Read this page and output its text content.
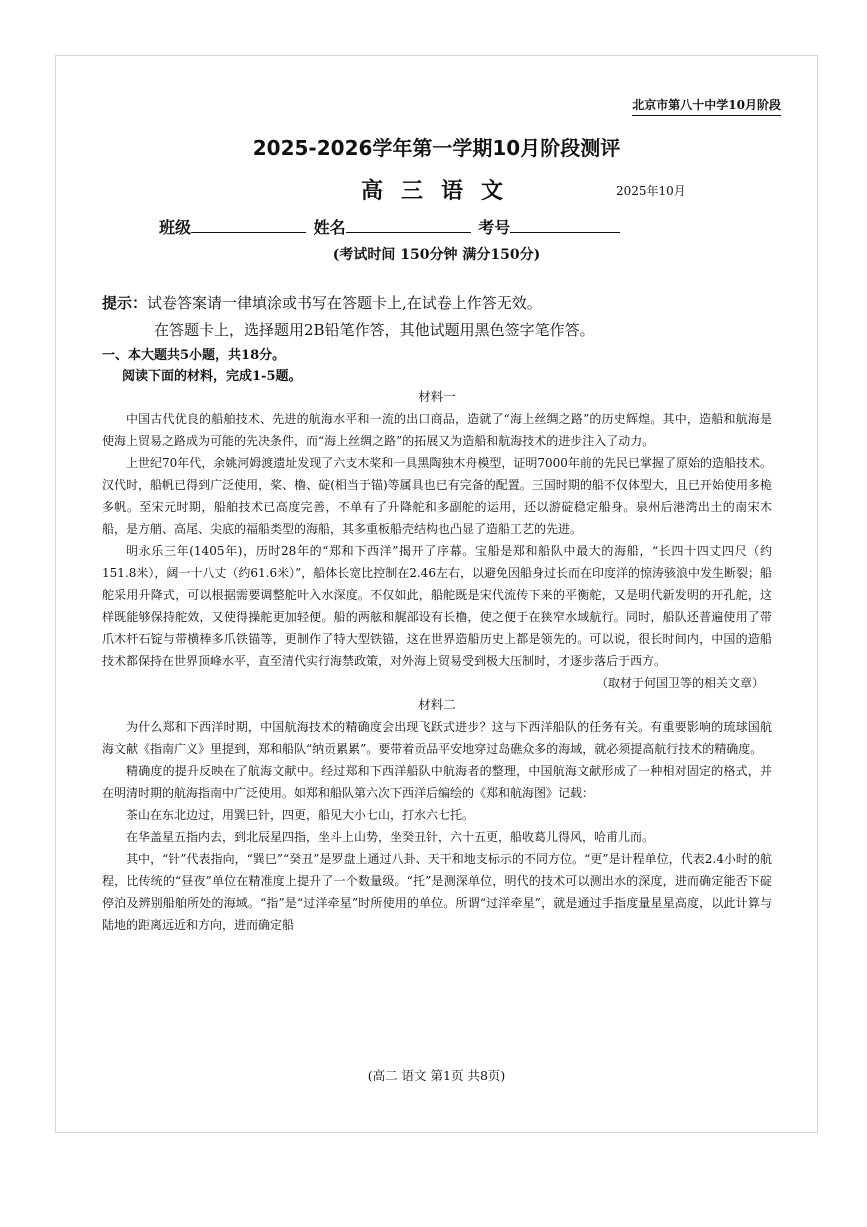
北京市第八十中学10月阶段
2025-2026学年第一学期10月阶段测评
高三语文	2025年10月
班级	姓名	考号
(考试时间 150分钟 满分150分)
提示：试卷答案请一律填涂或书写在答题卡上,在试卷上作答无效。
在答题卡上，选择题用2B铅笔作答，其他试题用黑色签字笔作答。
一、本大题共5小题，共18分。
阅读下面的材料，完成1-5题。

材料一

中国古代优良的船舶技术、先进的航海水平和一流的出口商品，造就了“海上丝绸之路”的历史辉煌。其中，造船和航海是使海上贸易之路成为可能的先决条件，而“海上丝绸之路”的拓展又为造船和航海技术的进步注入了动力。

上世纪70年代，余姚河姆渡遗址发现了六支木桨和一具黑陶独木舟模型，证明7000年前的先民已掌握了原始的造船技术。汉代时，船帆已得到广泛使用，桨、橹、碇(相当于锚)等属具也已有完备的配置。三国时期的船不仅体型大，且已开始使用多桅多帆。至宋元时期，船舶技术已高度完善，不单有了升降舵和多副舵的运用，还以游碇稳定船身。泉州后港湾出土的南宋木船，是方艄、高尾、尖底的福船类型的海船，其多重板船壳结构也凸显了造船工艺的先进。

明永乐三年(1405年)，历时28年的“郑和下西洋”揭开了序幕。宝船是郑和船队中最大的海船，“长四十四丈四尺（约151.8米），阔一十八丈（约61.6米）”，船体长宽比控制在2.46左右，以避免因船身过长而在印度洋的惊涛骇浪中发生断裂；船舵采用升降式，可以根据需要调整舵叶入水深度。不仅如此，船舵既是宋代流传下来的平衡舵，又是明代新发明的开孔舵，这样既能够保持舵效，又使得操舵更加轻便。船的两舷和艉部设有长橹，使之便于在狭窄水域航行。同时，船队还普遍使用了带爪木杆石锭与带横棒多爪铁锚等，更制作了特大型铁锚，这在世界造船历史上都是领先的。可以说，很长时间内，中国的造船技术都保持在世界顶峰水平，直至清代实行海禁政策，对外海上贸易受到极大压制时，才逐步落后于西方。

（取材于何国卫等的相关文章）

材料二

为什么郑和下西洋时期，中国航海技术的精确度会出现飞跃式进步？这与下西洋船队的任务有关。有重要影响的琉球国航海文献《指南广义》里提到，郑和船队“纳贡累累”。要带着贡品平安地穿过岛礁众多的海域，就必须提高航行技术的精确度。

精确度的提升反映在了航海文献中。经过郑和下西洋船队中航海者的整理，中国航海文献形成了一种相对固定的格式，并在明清时期的航海指南中广泛使用。如郑和船队第六次下西洋后编绘的《郑和航海图》记载：

茶山在东北边过，用巽巳针，四更，船见大小七山，打水六七托。

在华盖星五指内去，到北辰星四指，坐斗上山势，坐癸丑针，六十五更，船收葛儿得风，哈甫儿而。

其中，“针”代表指向，“巽巳”“癸丑”是罗盘上通过八卦、天干和地支标示的不同方位。“更”是计程单位，代表2.4小时的航程，比传统的“昼夜”单位在精准度上提升了一个数量级。“托”是测深单位，明代的技术可以测出水的深度，进而确定能否下碇停泊及辨别船舶所处的海域。“指”是“过洋牵星”时所使用的单位。所谓“过洋牵星”，就是通过手指度量星星高度，以此计算与陆地的距离远近和方向，进而确定船

(高二 语文 第1页 共8页)
